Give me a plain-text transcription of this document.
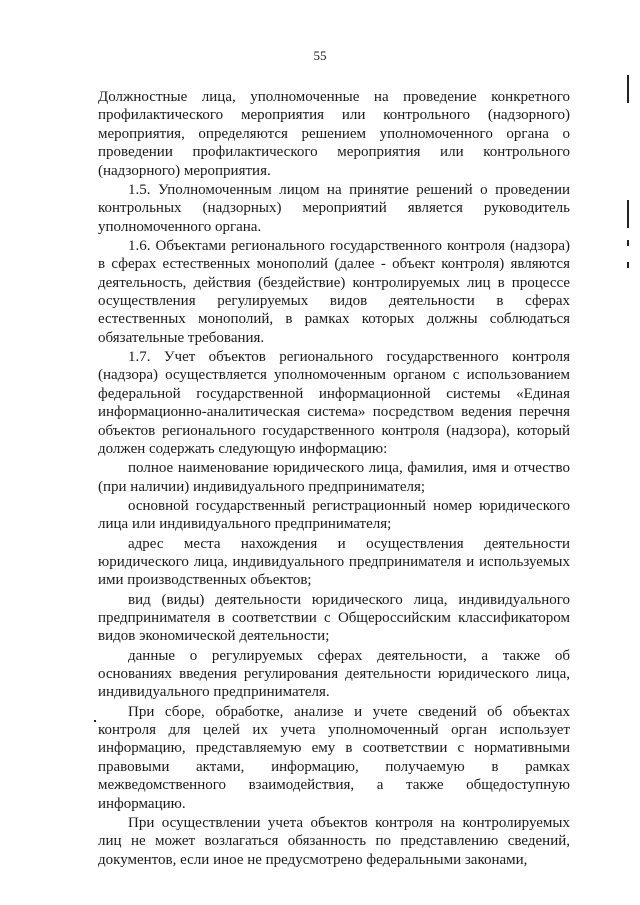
55

Должностные лица, уполномоченные на проведение конкретного профилактического мероприятия или контрольного (надзорного) мероприятия, определяются решением уполномоченного органа о проведении профилактического мероприятия или контрольного (надзорного) мероприятия.

1.5. Уполномоченным лицом на принятие решений о проведении контрольных (надзорных) мероприятий является руководитель уполномоченного органа.

1.6. Объектами регионального государственного контроля (надзора) в сферах естественных монополий (далее - объект контроля) являются деятельность, действия (бездействие) контролируемых лиц в процессе осуществления регулируемых видов деятельности в сферах естественных монополий, в рамках которых должны соблюдаться обязательные требования.

1.7. Учет объектов регионального государственного контроля (надзора) осуществляется уполномоченным органом с использованием федеральной государственной информационной системы «Единая информационно-аналитическая система» посредством ведения перечня объектов регионального государственного контроля (надзора), который должен содержать следующую информацию:

полное наименование юридического лица, фамилия, имя и отчество (при наличии) индивидуального предпринимателя;

основной государственный регистрационный номер юридического лица или индивидуального предпринимателя;

адрес места нахождения и осуществления деятельности юридического лица, индивидуального предпринимателя и используемых ими производственных объектов;

вид (виды) деятельности юридического лица, индивидуального предпринимателя в соответствии с Общероссийским классификатором видов экономической деятельности;

данные о регулируемых сферах деятельности, а также об основаниях введения регулирования деятельности юридического лица, индивидуального предпринимателя.

При сборе, обработке, анализе и учете сведений об объектах контроля для целей их учета уполномоченный орган использует информацию, представляемую ему в соответствии с нормативными правовыми актами, информацию, получаемую в рамках межведомственного взаимодействия, а также общедоступную информацию.

При осуществлении учета объектов контроля на контролируемых лиц не может возлагаться обязанность по представлению сведений, документов, если иное не предусмотрено федеральными законами,
